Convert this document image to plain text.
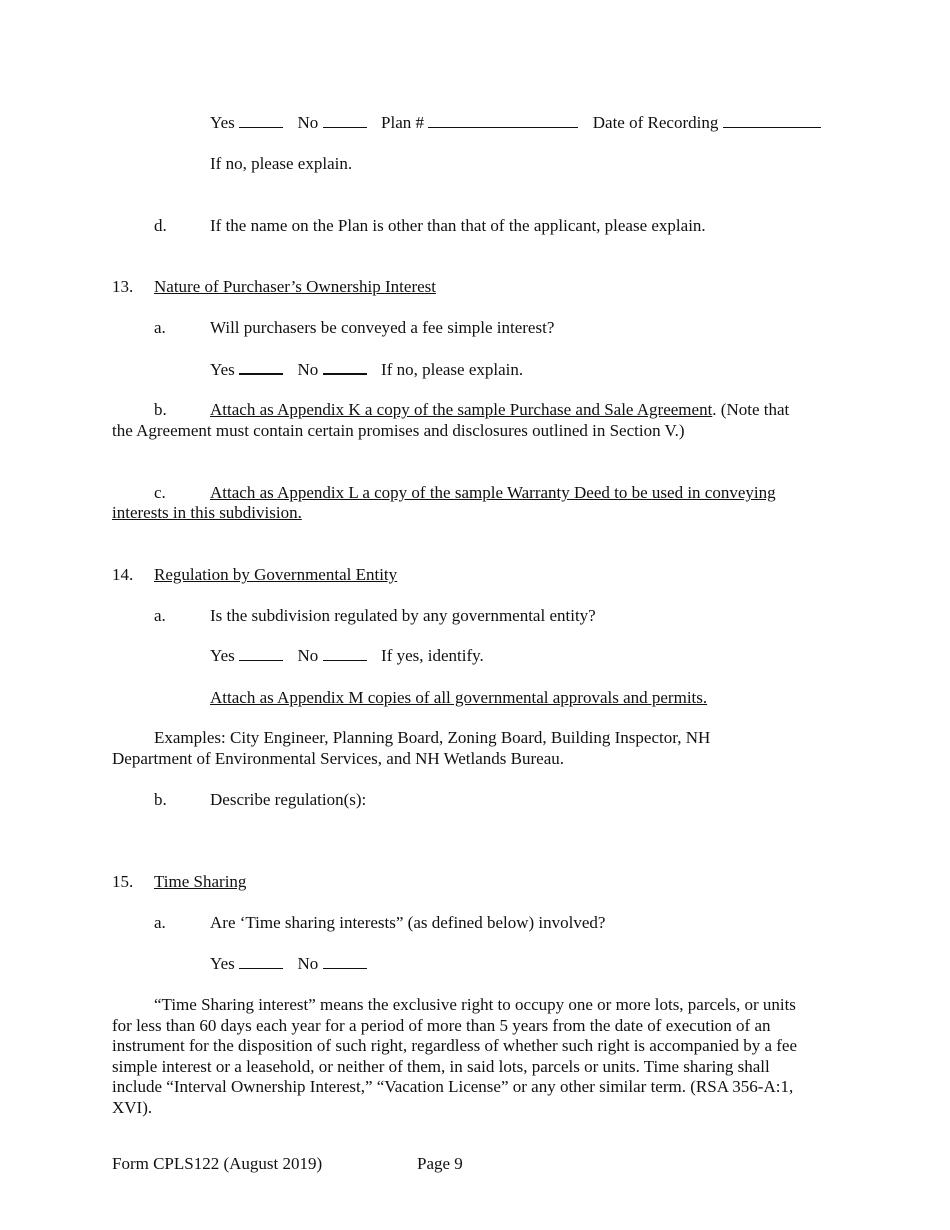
Yes	No	Plan #	Date of Recording
If no, please explain.
d.	If the name on the Plan is other than that of the applicant, please explain.
13. Nature of Purchaser’s Ownership Interest
a.	Will purchasers be conveyed a fee simple interest?
Yes	No	If no, please explain.
b.	Attach as Appendix K a copy of the sample Purchase and Sale Agreement. (Note that
the Agreement must contain certain promises and disclosures outlined in Section V.)
c.	Attach as Appendix L a copy of the sample Warranty Deed to be used in conveying
interests in this subdivision.
14. Regulation by Governmental Entity
a.	Is the subdivision regulated by any governmental entity?
Yes	No	If yes, identify.
Attach as Appendix M copies of all governmental approvals and permits.
Examples: City Engineer, Planning Board, Zoning Board, Building Inspector, NH
Department of Environmental Services, and NH Wetlands Bureau.
b.	Describe regulation(s):
15. Time Sharing
a.	Are ‘Time sharing interests” (as defined below) involved?
Yes	No
“Time Sharing interest” means the exclusive right to occupy one or more lots, parcels, or units
for less than 60 days each year for a period of more than 5 years from the date of execution of an
instrument for the disposition of such right, regardless of whether such right is accompanied by a fee
simple interest or a leasehold, or neither of them, in said lots, parcels or units. Time sharing shall
include “Interval Ownership Interest,” “Vacation License” or any other similar term. (RSA 356-A:1,
XVI).
Form CPLS122 (August 2019)	Page 9
